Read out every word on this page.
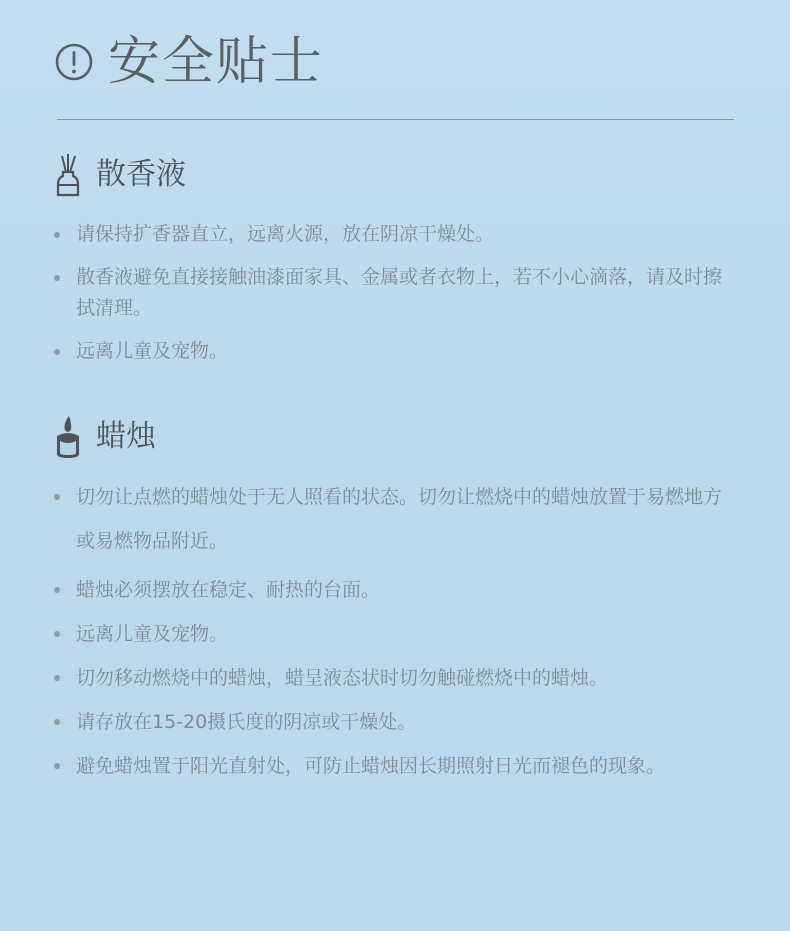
安全贴士
散香液
请保持扩香器直立，远离火源，放在阴凉干燥处。
散香液避免直接接触油漆面家具、金属或者衣物上，若不小心滴落，请及时擦拭清理。
远离儿童及宠物。
蜡烛
切勿让点燃的蜡烛处于无人照看的状态。切勿让燃烧中的蜡烛放置于易燃地方或易燃物品附近。
蜡烛必须摆放在稳定、耐热的台面。
远离儿童及宠物。
切勿移动燃烧中的蜡烛，蜡呈液态状时切勿触碰燃烧中的蜡烛。
请存放在15-20摄氏度的阴凉或干燥处。
避免蜡烛置于阳光直射处，可防止蜡烛因长期照射日光而褪色的现象。
